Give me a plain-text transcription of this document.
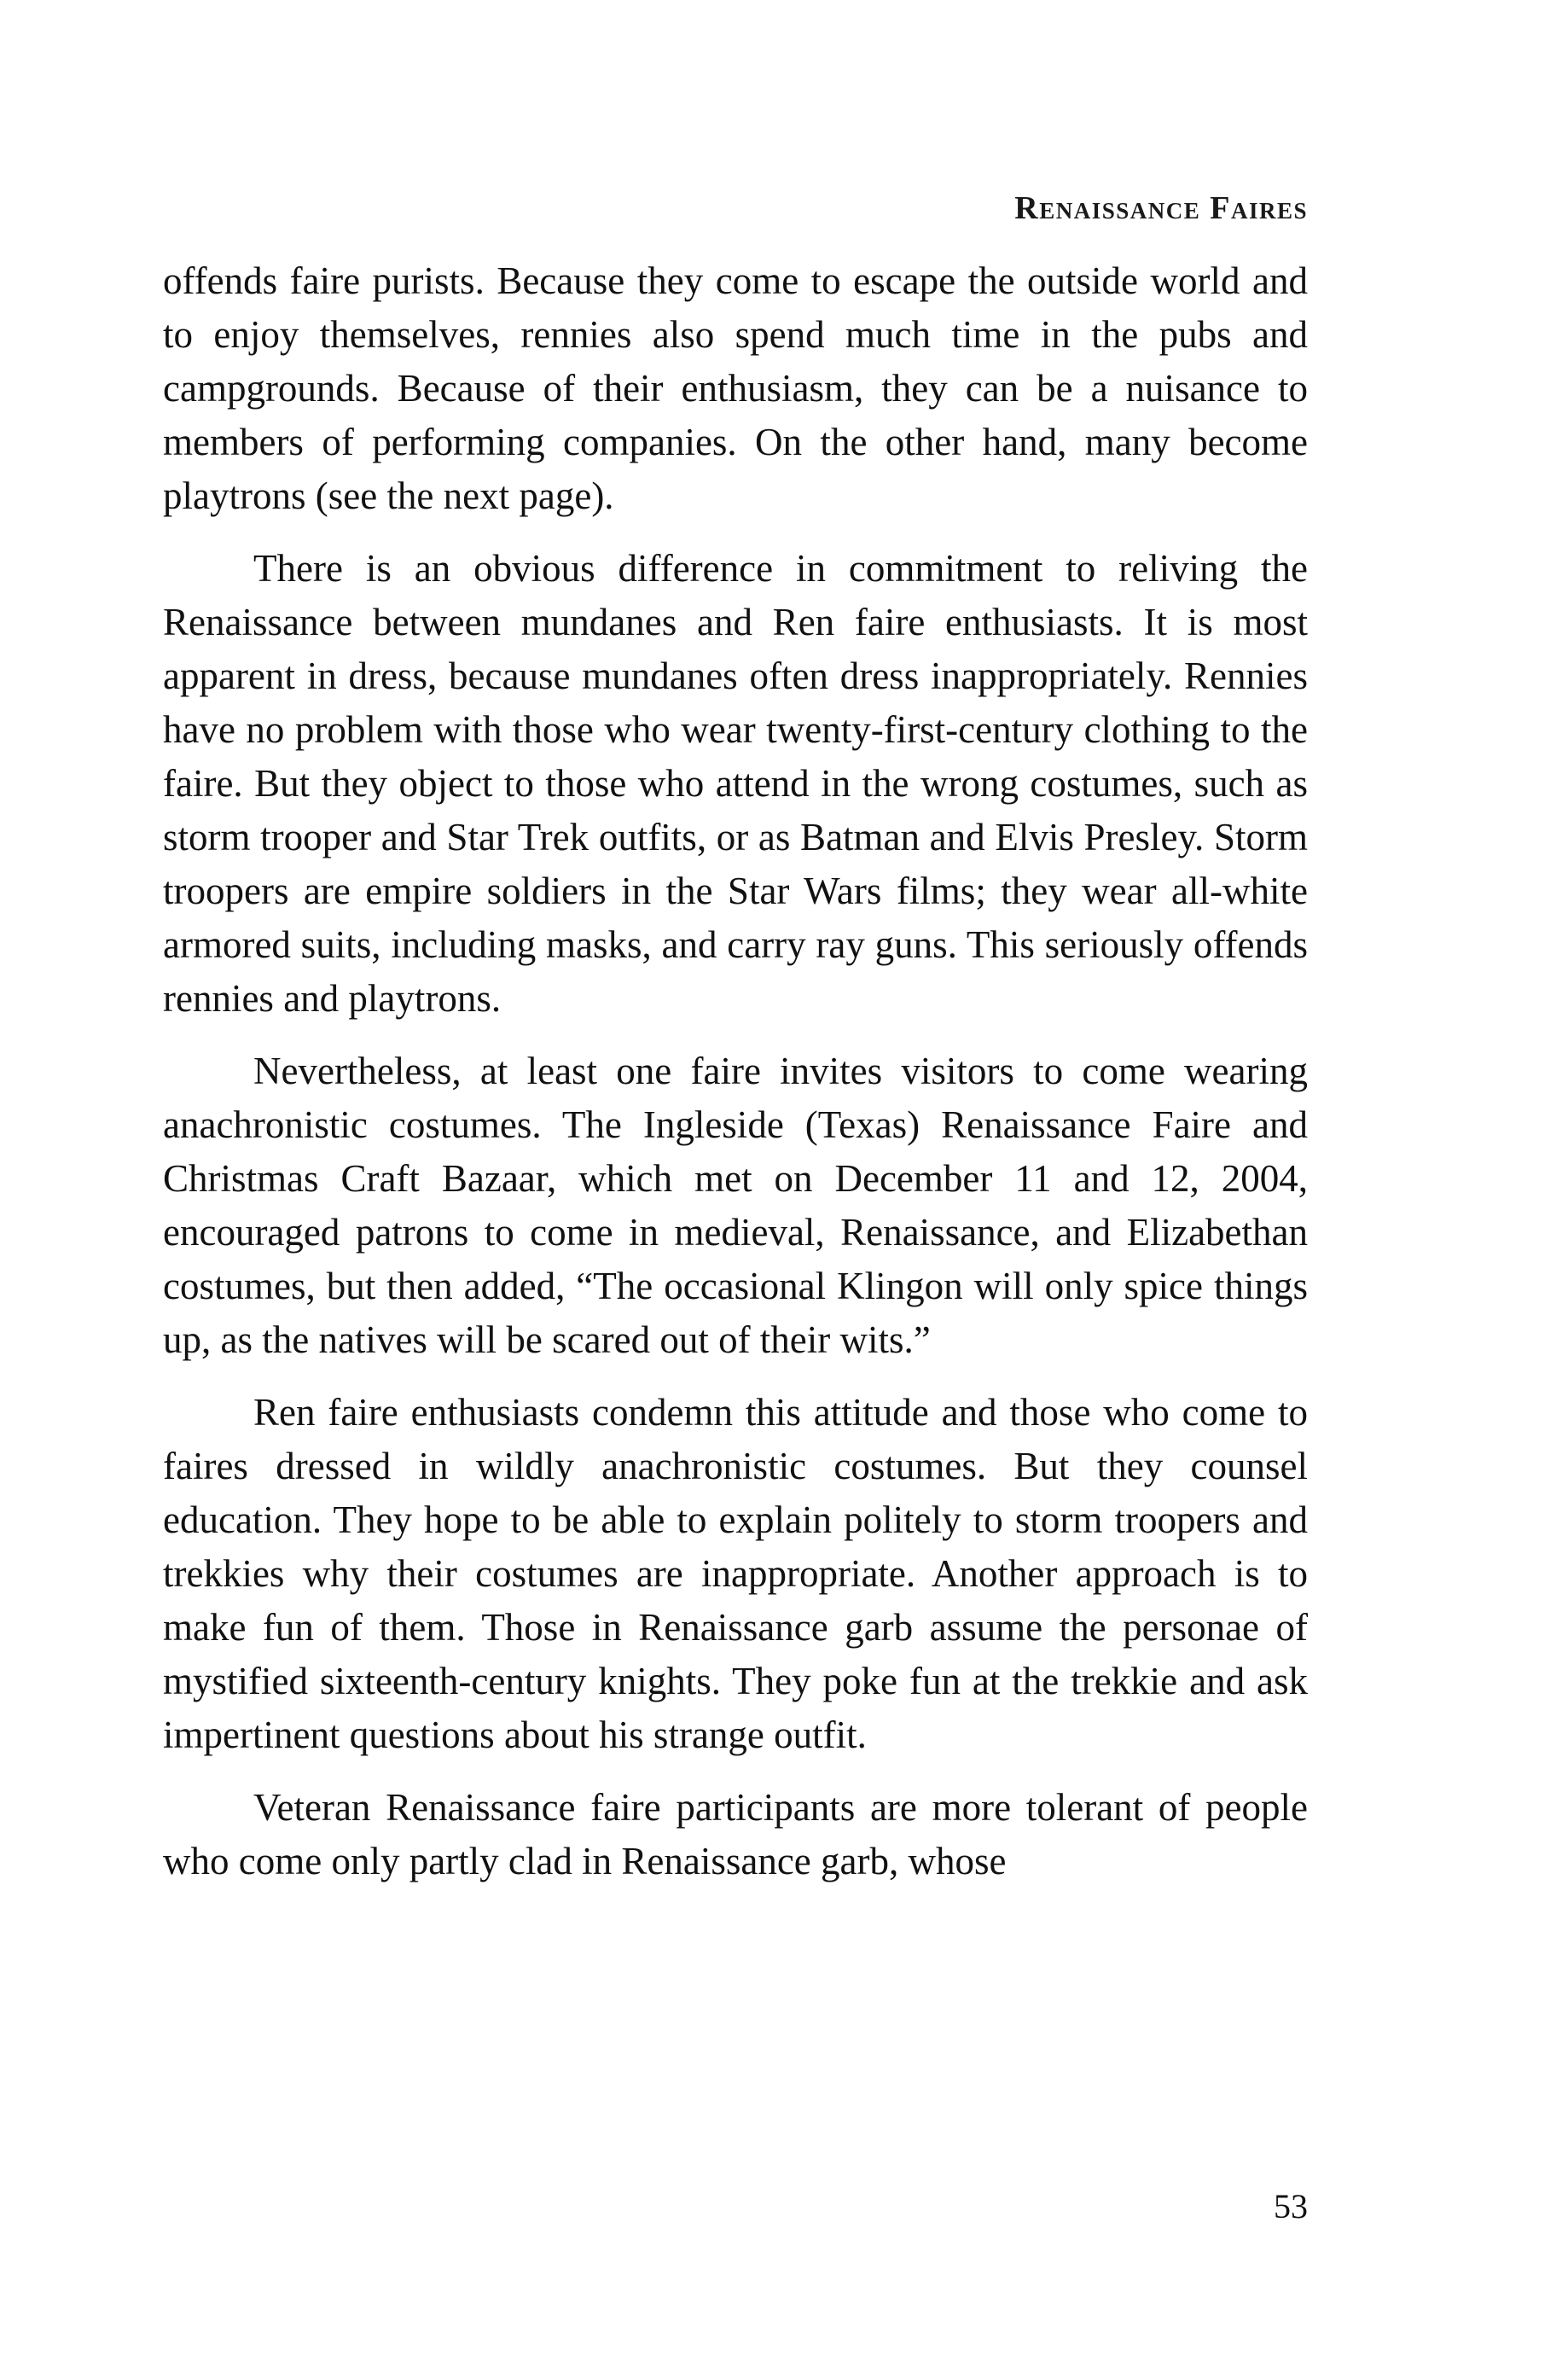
Renaissance Faires

offends faire purists. Because they come to escape the outside world and to enjoy themselves, rennies also spend much time in the pubs and campgrounds. Because of their enthusiasm, they can be a nuisance to members of performing companies. On the other hand, many become playtrons (see the next page).

There is an obvious difference in commitment to reliving the Renaissance between mundanes and Ren faire enthusiasts. It is most apparent in dress, because mundanes often dress inappropriately. Rennies have no problem with those who wear twenty-first-century clothing to the faire. But they object to those who attend in the wrong costumes, such as storm trooper and Star Trek outfits, or as Batman and Elvis Presley. Storm troopers are empire soldiers in the Star Wars films; they wear all-white armored suits, including masks, and carry ray guns. This seriously offends rennies and playtrons.

Nevertheless, at least one faire invites visitors to come wearing anachronistic costumes. The Ingleside (Texas) Renaissance Faire and Christmas Craft Bazaar, which met on December 11 and 12, 2004, encouraged patrons to come in medieval, Renaissance, and Elizabethan costumes, but then added, “The occasional Klingon will only spice things up, as the natives will be scared out of their wits.”

Ren faire enthusiasts condemn this attitude and those who come to faires dressed in wildly anachronistic costumes. But they counsel education. They hope to be able to explain politely to storm troopers and trekkies why their costumes are inappropriate. Another approach is to make fun of them. Those in Renaissance garb assume the personae of mystified sixteenth-century knights. They poke fun at the trekkie and ask impertinent questions about his strange outfit.

Veteran Renaissance faire participants are more tolerant of people who come only partly clad in Renaissance garb, whose

53
